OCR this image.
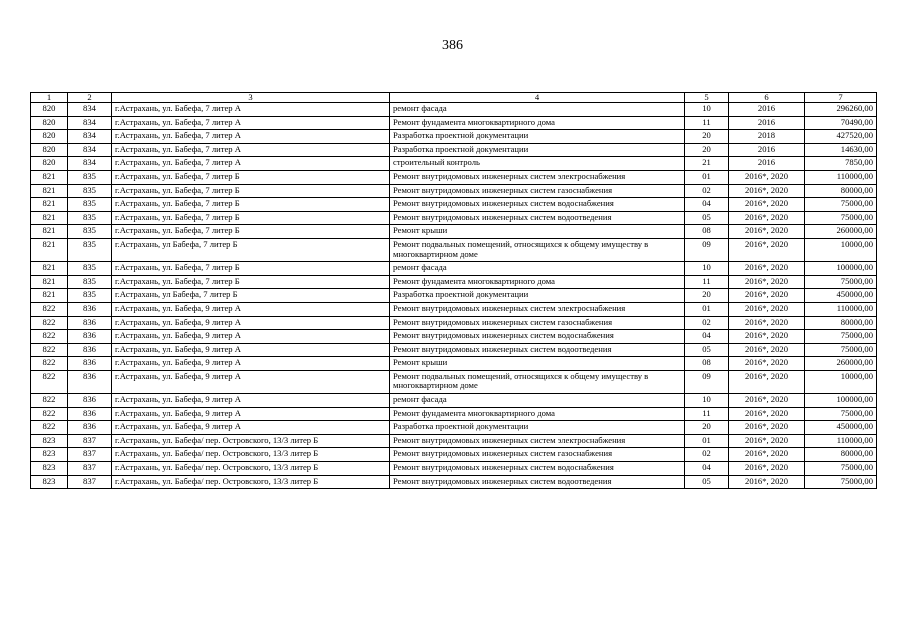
386
1	2	3	4	5	6	7
820	834	г.Астрахань, ул. Бабефа, 7 литер А	ремонт фасада	10	2016	296260,00
820	834	г.Астрахань, ул. Бабефа, 7 литер А	Ремонт фундамента многоквартирного дома	11	2016	70490,00
820	834	г.Астрахань, ул. Бабефа, 7 литер А	Разработка проектной документации	20	2018	427520,00
820	834	г.Астрахань, ул. Бабефа, 7 литер А	Разработка проектной документации	20	2016	14630,00
820	834	г.Астрахань, ул. Бабефа, 7 литер А	строительный контроль	21	2016	7850,00
821	835	г.Астрахань, ул. Бабефа, 7 литер Б	Ремонт внутридомовых инженерных систем электроснабжения	01	2016*, 2020	110000,00
821	835	г.Астрахань, ул. Бабефа, 7 литер Б	Ремонт внутридомовых инженерных систем газоснабжения	02	2016*, 2020	80000,00
821	835	г.Астрахань, ул. Бабефа, 7 литер Б	Ремонт внутридомовых инженерных систем водоснабжения	04	2016*, 2020	75000,00
821	835	г.Астрахань, ул. Бабефа, 7 литер Б	Ремонт внутридомовых инженерных систем водоотведения	05	2016*, 2020	75000,00
821	835	г.Астрахань, ул. Бабефа, 7 литер Б	Ремонт крыши	08	2016*, 2020	260000,00
821	835	г.Астрахань, ул Бабефа, 7 литер Б	Ремонт подвальных помещений, относящихся к общему имуществу в многоквартирном доме	09	2016*, 2020	10000,00
821	835	г.Астрахань, ул. Бабефа, 7 литер Б	ремонт фасада	10	2016*, 2020	100000,00
821	835	г.Астрахань, ул. Бабефа, 7 литер Б	Ремонт фундамента многоквартирного дома	11	2016*, 2020	75000,00
821	835	г.Астрахань, ул Бабефа, 7 литер Б	Разработка проектной документации	20	2016*, 2020	450000,00
822	836	г.Астрахань, ул. Бабефа, 9 литер А	Ремонт внутридомовых инженерных систем электроснабжения	01	2016*, 2020	110000,00
822	836	г.Астрахань, ул. Бабефа, 9 литер А	Ремонт внутридомовых инженерных систем газоснабжения	02	2016*, 2020	80000,00
822	836	г.Астрахань, ул. Бабефа, 9 литер А	Ремонт внутридомовых инженерных систем водоснабжения	04	2016*, 2020	75000,00
822	836	г.Астрахань, ул. Бабефа, 9 литер А	Ремонт внутридомовых инженерных систем водоотведения	05	2016*, 2020	75000,00
822	836	г.Астрахань, ул. Бабефа, 9 литер А	Ремонт крыши	08	2016*, 2020	260000,00
822	836	г.Астрахань, ул. Бабефа, 9 литер А	Ремонт подвальных помещений, относящихся к общему имуществу в многоквартирном доме	09	2016*, 2020	10000,00
822	836	г.Астрахань, ул. Бабефа, 9 литер А	ремонт фасада	10	2016*, 2020	100000,00
822	836	г.Астрахань, ул. Бабефа, 9 литер А	Ремонт фундамента многоквартирного дома	11	2016*, 2020	75000,00
822	836	г.Астрахань, ул. Бабефа, 9 литер А	Разработка проектной документации	20	2016*, 2020	450000,00
823	837	г.Астрахань, ул. Бабефа/ пер. Островского, 13/3 литер Б	Ремонт внутридомовых инженерных систем электроснабжения	01	2016*, 2020	110000,00
823	837	г.Астрахань, ул. Бабефа/ пер. Островского, 13/3 литер Б	Ремонт внутридомовых инженерных систем газоснабжения	02	2016*, 2020	80000,00
823	837	г.Астрахань, ул. Бабефа/ пер. Островского, 13/3 литер Б	Ремонт внутридомовых инженерных систем водоснабжения	04	2016*, 2020	75000,00
823	837	г.Астрахань, ул. Бабефа/ пер. Островского, 13/3 литер Б	Ремонт внутридомовых инженерных систем водоотведения	05	2016*, 2020	75000,00
